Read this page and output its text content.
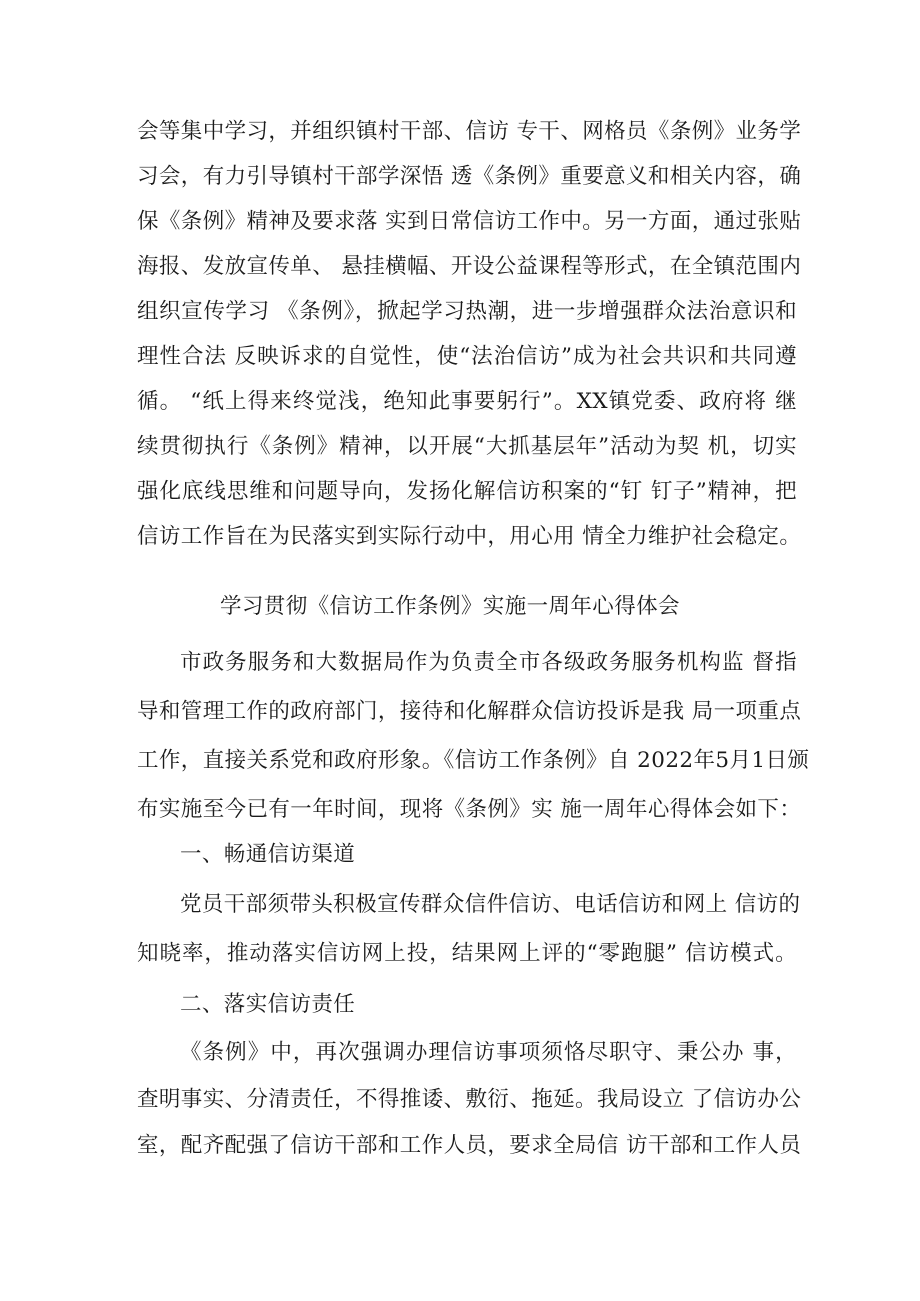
会等集中学习，并组织镇村干部、信访 专干、网格员《条例》业务学
习会，有力引导镇村干部学深悟 透《条例》重要意义和相关内容，确
保《条例》精神及要求落 实到日常信访工作中。另一方面，通过张贴
海报、发放宣传单、 悬挂横幅、开设公益课程等形式，在全镇范围内
组织宣传学习 《条例》，掀起学习热潮，进一步增强群众法治意识和
理性合法 反映诉求的自觉性，使“法治信访”成为社会共识和共同遵
循。 “纸上得来终觉浅，绝知此事要躬行”。XX镇党委、政府将 继
续贯彻执行《条例》精神，以开展“大抓基层年”活动为契 机，切实
强化底线思维和问题导向，发扬化解信访积案的“钉 钉子”精神，把
信访工作旨在为民落实到实际行动中，用心用 情全力维护社会稳定。
学习贯彻《信访工作条例》实施一周年心得体会
市政务服务和大数据局作为负责全市各级政务服务机构监 督指
导和管理工作的政府部门，接待和化解群众信访投诉是我 局一项重点
工作，直接关系党和政府形象。《信访工作条例》自 2022年5月1日颁
布实施至今已有一年时间，现将《条例》实 施一周年心得体会如下：
一、畅通信访渠道
党员干部须带头积极宣传群众信件信访、电话信访和网上 信访的
知晓率，推动落实信访网上投，结果网上评的“零跑腿” 信访模式。
二、落实信访责任
《条例》中，再次强调办理信访事项须恪尽职守、秉公办 事，
查明事实、分清责任，不得推诿、敷衍、拖延。我局设立 了信访办公
室，配齐配强了信访干部和工作人员，要求全局信 访干部和工作人员
